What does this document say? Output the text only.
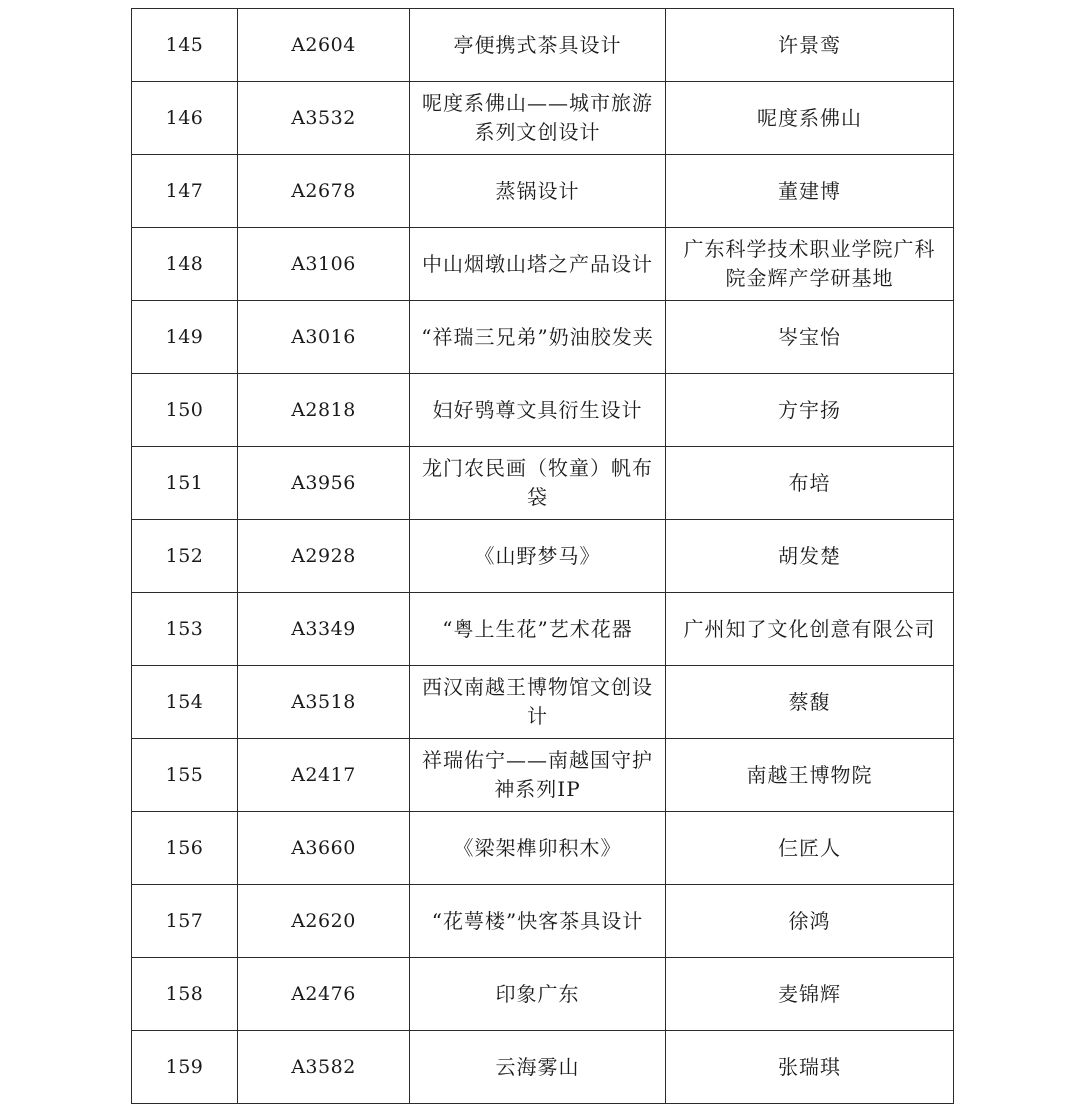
145	A2604	亭便携式茶具设计	许景鸾
146	A3532	呢度系佛山——城市旅游系列文创设计	呢度系佛山
147	A2678	蒸锅设计	董建博
148	A3106	中山烟墩山塔之产品设计	广东科学技术职业学院广科院金辉产学研基地
149	A3016	“祥瑞三兄弟”奶油胶发夹	岑宝怡
150	A2818	妇好鸮尊文具衍生设计	方宇扬
151	A3956	龙门农民画（牧童）帆布袋	布培
152	A2928	《山野梦马》	胡发楚
153	A3349	“粤上生花”艺术花器	广州知了文化创意有限公司
154	A3518	西汉南越王博物馆文创设计	蔡馥
155	A2417	祥瑞佑宁——南越国守护神系列IP	南越王博物院
156	A3660	《梁架榫卯积木》	仨匠人
157	A2620	“花萼楼”快客茶具设计	徐鸿
158	A2476	印象广东	麦锦辉
159	A3582	云海雾山	张瑞琪
